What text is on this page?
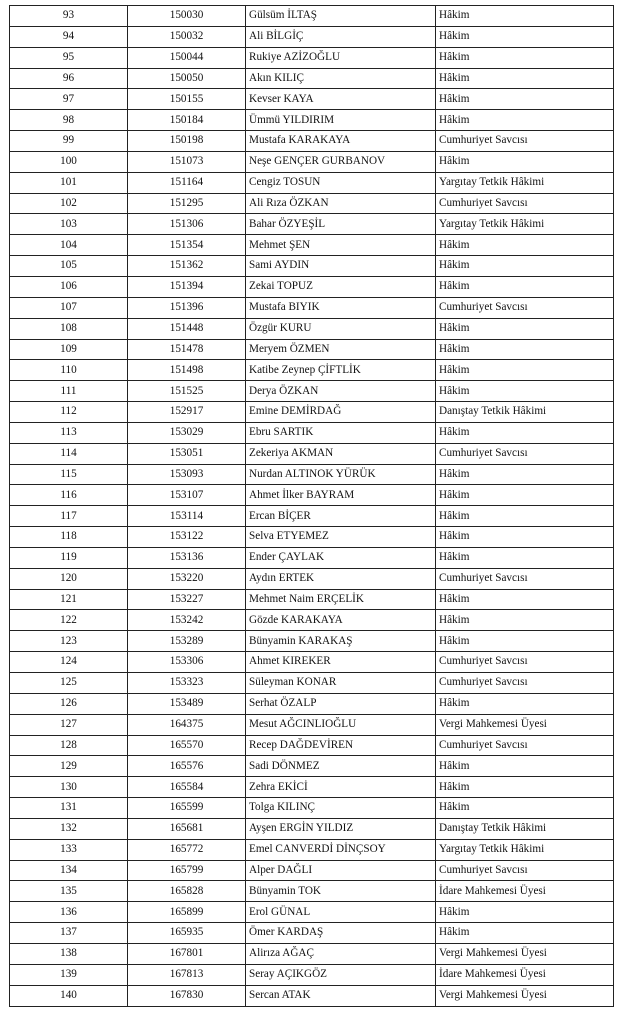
93	150030	Gülsüm İLTAŞ	Hâkim
94	150032	Ali BİLGİÇ	Hâkim
95	150044	Rukiye AZİZOĞLU	Hâkim
96	150050	Akın KILIÇ	Hâkim
97	150155	Kevser KAYA	Hâkim
98	150184	Ümmü YILDIRIM	Hâkim
99	150198	Mustafa KARAKAYA	Cumhuriyet Savcısı
100	151073	Neşe GENÇER GURBANOV	Hâkim
101	151164	Cengiz TOSUN	Yargıtay Tetkik Hâkimi
102	151295	Ali Rıza ÖZKAN	Cumhuriyet Savcısı
103	151306	Bahar ÖZYEŞİL	Yargıtay Tetkik Hâkimi
104	151354	Mehmet ŞEN	Hâkim
105	151362	Sami AYDIN	Hâkim
106	151394	Zekai TOPUZ	Hâkim
107	151396	Mustafa BIYIK	Cumhuriyet Savcısı
108	151448	Özgür KURU	Hâkim
109	151478	Meryem ÖZMEN	Hâkim
110	151498	Katibe Zeynep ÇİFTLİK	Hâkim
111	151525	Derya ÖZKAN	Hâkim
112	152917	Emine DEMİRDAĞ	Danıştay Tetkik Hâkimi
113	153029	Ebru SARTIK	Hâkim
114	153051	Zekeriya AKMAN	Cumhuriyet Savcısı
115	153093	Nurdan ALTINOK YÜRÜK	Hâkim
116	153107	Ahmet İlker BAYRAM	Hâkim
117	153114	Ercan BİÇER	Hâkim
118	153122	Selva ETYEMEZ	Hâkim
119	153136	Ender ÇAYLAK	Hâkim
120	153220	Aydın ERTEK	Cumhuriyet Savcısı
121	153227	Mehmet Naim ERÇELİK	Hâkim
122	153242	Gözde KARAKAYA	Hâkim
123	153289	Bünyamin KARAKAŞ	Hâkim
124	153306	Ahmet KIREKER	Cumhuriyet Savcısı
125	153323	Süleyman KONAR	Cumhuriyet Savcısı
126	153489	Serhat ÖZALP	Hâkim
127	164375	Mesut AĞCINLIOĞLU	Vergi Mahkemesi Üyesi
128	165570	Recep DAĞDEVİREN	Cumhuriyet Savcısı
129	165576	Sadi DÖNMEZ	Hâkim
130	165584	Zehra EKİCİ	Hâkim
131	165599	Tolga KILINÇ	Hâkim
132	165681	Ayşen ERGİN YILDIZ	Danıştay Tetkik Hâkimi
133	165772	Emel CANVERDİ DİNÇSOY	Yargıtay Tetkik Hâkimi
134	165799	Alper DAĞLI	Cumhuriyet Savcısı
135	165828	Bünyamin TOK	İdare Mahkemesi Üyesi
136	165899	Erol GÜNAL	Hâkim
137	165935	Ömer KARDAŞ	Hâkim
138	167801	Alirıza AĞAÇ	Vergi Mahkemesi Üyesi
139	167813	Seray AÇIKGÖZ	İdare Mahkemesi Üyesi
140	167830	Sercan ATAK	Vergi Mahkemesi Üyesi
